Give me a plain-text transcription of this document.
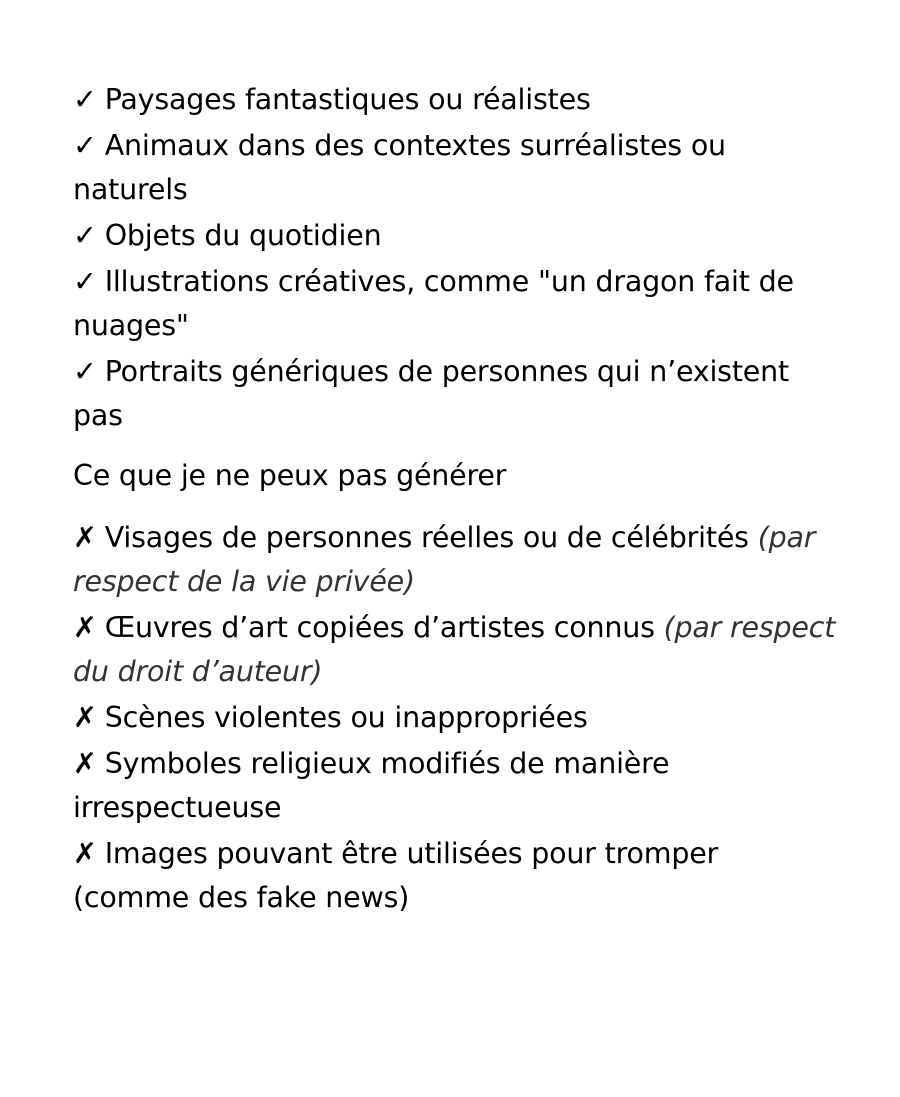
✓ Paysages fantastiques ou réalistes
✓ Animaux dans des contextes surréalistes ou naturels
✓ Objets du quotidien
✓ Illustrations créatives, comme "un dragon fait de nuages"
✓ Portraits génériques de personnes qui n’existent pas

Ce que je ne peux pas générer

✗ Visages de personnes réelles ou de célébrités (par respect de la vie privée)
✗ Œuvres d’art copiées d’artistes connus (par respect du droit d’auteur)
✗ Scènes violentes ou inappropriées
✗ Symboles religieux modifiés de manière irrespectueuse
✗ Images pouvant être utilisées pour tromper (comme des fake news)
